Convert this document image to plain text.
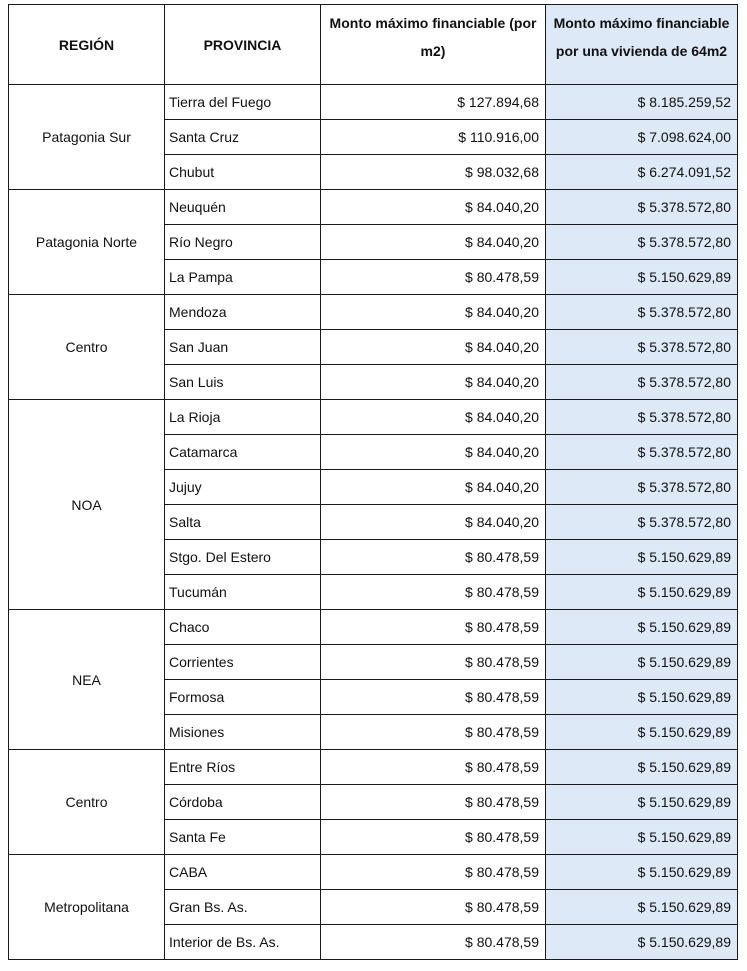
REGIÓN	PROVINCIA	Monto máximo financiable (por m2)	Monto máximo financiable por una vivienda de 64m2
Patagonia Sur	Tierra del Fuego	$ 127.894,68	$ 8.185.259,52
	Santa Cruz	$ 110.916,00	$ 7.098.624,00
	Chubut	$ 98.032,68	$ 6.274.091,52
Patagonia Norte	Neuquén	$ 84.040,20	$ 5.378.572,80
	Río Negro	$ 84.040,20	$ 5.378.572,80
	La Pampa	$ 80.478,59	$ 5.150.629,89
Centro	Mendoza	$ 84.040,20	$ 5.378.572,80
	San Juan	$ 84.040,20	$ 5.378.572,80
	San Luis	$ 84.040,20	$ 5.378.572,80
NOA	La Rioja	$ 84.040,20	$ 5.378.572,80
	Catamarca	$ 84.040,20	$ 5.378.572,80
	Jujuy	$ 84.040,20	$ 5.378.572,80
	Salta	$ 84.040,20	$ 5.378.572,80
	Stgo. Del Estero	$ 80.478,59	$ 5.150.629,89
	Tucumán	$ 80.478,59	$ 5.150.629,89
NEA	Chaco	$ 80.478,59	$ 5.150.629,89
	Corrientes	$ 80.478,59	$ 5.150.629,89
	Formosa	$ 80.478,59	$ 5.150.629,89
	Misiones	$ 80.478,59	$ 5.150.629,89
Centro	Entre Ríos	$ 80.478,59	$ 5.150.629,89
	Córdoba	$ 80.478,59	$ 5.150.629,89
	Santa Fe	$ 80.478,59	$ 5.150.629,89
Metropolitana	CABA	$ 80.478,59	$ 5.150.629,89
	Gran Bs. As.	$ 80.478,59	$ 5.150.629,89
	Interior de Bs. As.	$ 80.478,59	$ 5.150.629,89
